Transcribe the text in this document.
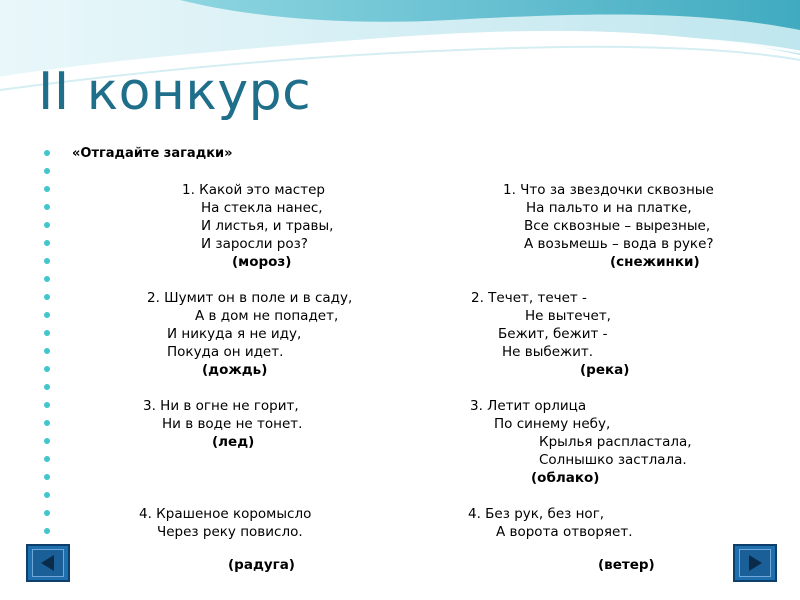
II конкурс
«Отгадайте загадки»
1. Какой это мастер
На стекла нанес,
И листья, и травы,
И заросли роз?
(мороз)
2. Шумит он в поле и в саду,
А в дом не попадет,
И никуда я не иду,
Покуда он идет.
(дождь)
3. Ни в огне не горит,
Ни в воде не тонет.
(лед)
4. Крашеное коромысло
Через реку повисло.
(радуга)
1. Что за звездочки сквозные
На пальто и на платке,
Все сквозные – вырезные,
А возьмешь – вода в руке?
(снежинки)
2. Течет, течет -
Не вытечет,
Бежит, бежит -
Не выбежит.
(река)
3. Летит орлица
По синему небу,
Крылья распластала,
Солнышко застлала.
(облако)
4. Без рук, без ног,
А ворота отворяет.
(ветер)
